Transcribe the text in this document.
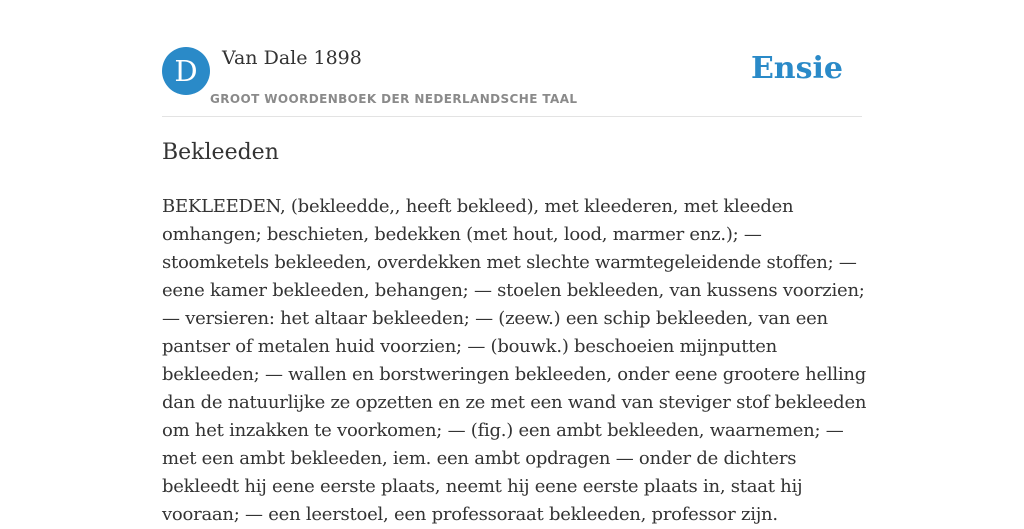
D	Van Dale 1898
GROOT WOORDENBOEK DER NEDERLANDSCHE TAAL
Ensie
Bekleeden

BEKLEEDEN, (bekleedde,, heeft bekleed), met kleederen, met kleeden omhangen; beschieten, bedekken (met hout, lood, marmer enz.); — stoomketels bekleeden, overdekken met slechte warmtegeleidende stoffen; — eene kamer bekleeden, behangen; — stoelen bekleeden, van kussens voorzien; — versieren: het altaar bekleeden; — (zeew.) een schip bekleeden, van een pantser of metalen huid voorzien; — (bouwk.) beschoeien mijnputten bekleeden; — wallen en borstweringen bekleeden, onder eene grootere helling dan de natuurlijke ze opzetten en ze met een wand van steviger stof bekleeden om het inzakken te voorkomen; — (fig.) een ambt bekleeden, waarnemen; — met een ambt bekleeden, iem. een ambt opdragen — onder de dichters bekleedt hij eene eerste plaats, neemt hij eene eerste plaats in, staat hij vooraan; — een leerstoel, een professoraat bekleeden, professor zijn.
